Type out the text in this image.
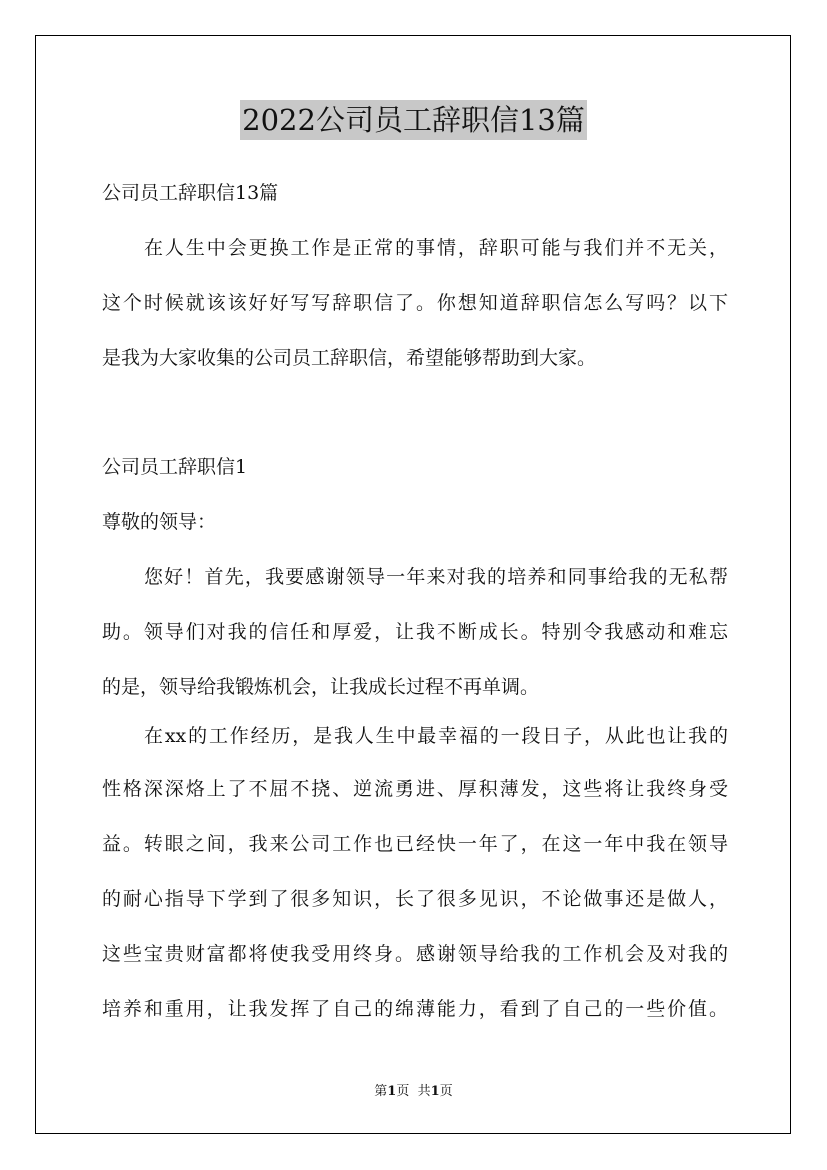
2022公司员工辞职信13篇
公司员工辞职信13篇
在人生中会更换工作是正常的事情，辞职可能与我们并不无关，
这个时候就该该好好写写辞职信了。你想知道辞职信怎么写吗？以下
是我为大家收集的公司员工辞职信，希望能够帮助到大家。
公司员工辞职信1
尊敬的领导：
您好！首先，我要感谢领导一年来对我的培养和同事给我的无私帮
助。领导们对我的信任和厚爱，让我不断成长。特别令我感动和难忘
的是，领导给我锻炼机会，让我成长过程不再单调。
在xx的工作经历，是我人生中最幸福的一段日子，从此也让我的
性格深深烙上了不屈不挠、逆流勇进、厚积薄发，这些将让我终身受
益。转眼之间，我来公司工作也已经快一年了，在这一年中我在领导
的耐心指导下学到了很多知识，长了很多见识，不论做事还是做人，
这些宝贵财富都将使我受用终身。感谢领导给我的工作机会及对我的
培养和重用，让我发挥了自己的绵薄能力，看到了自己的一些价值。
第1页 共1页
